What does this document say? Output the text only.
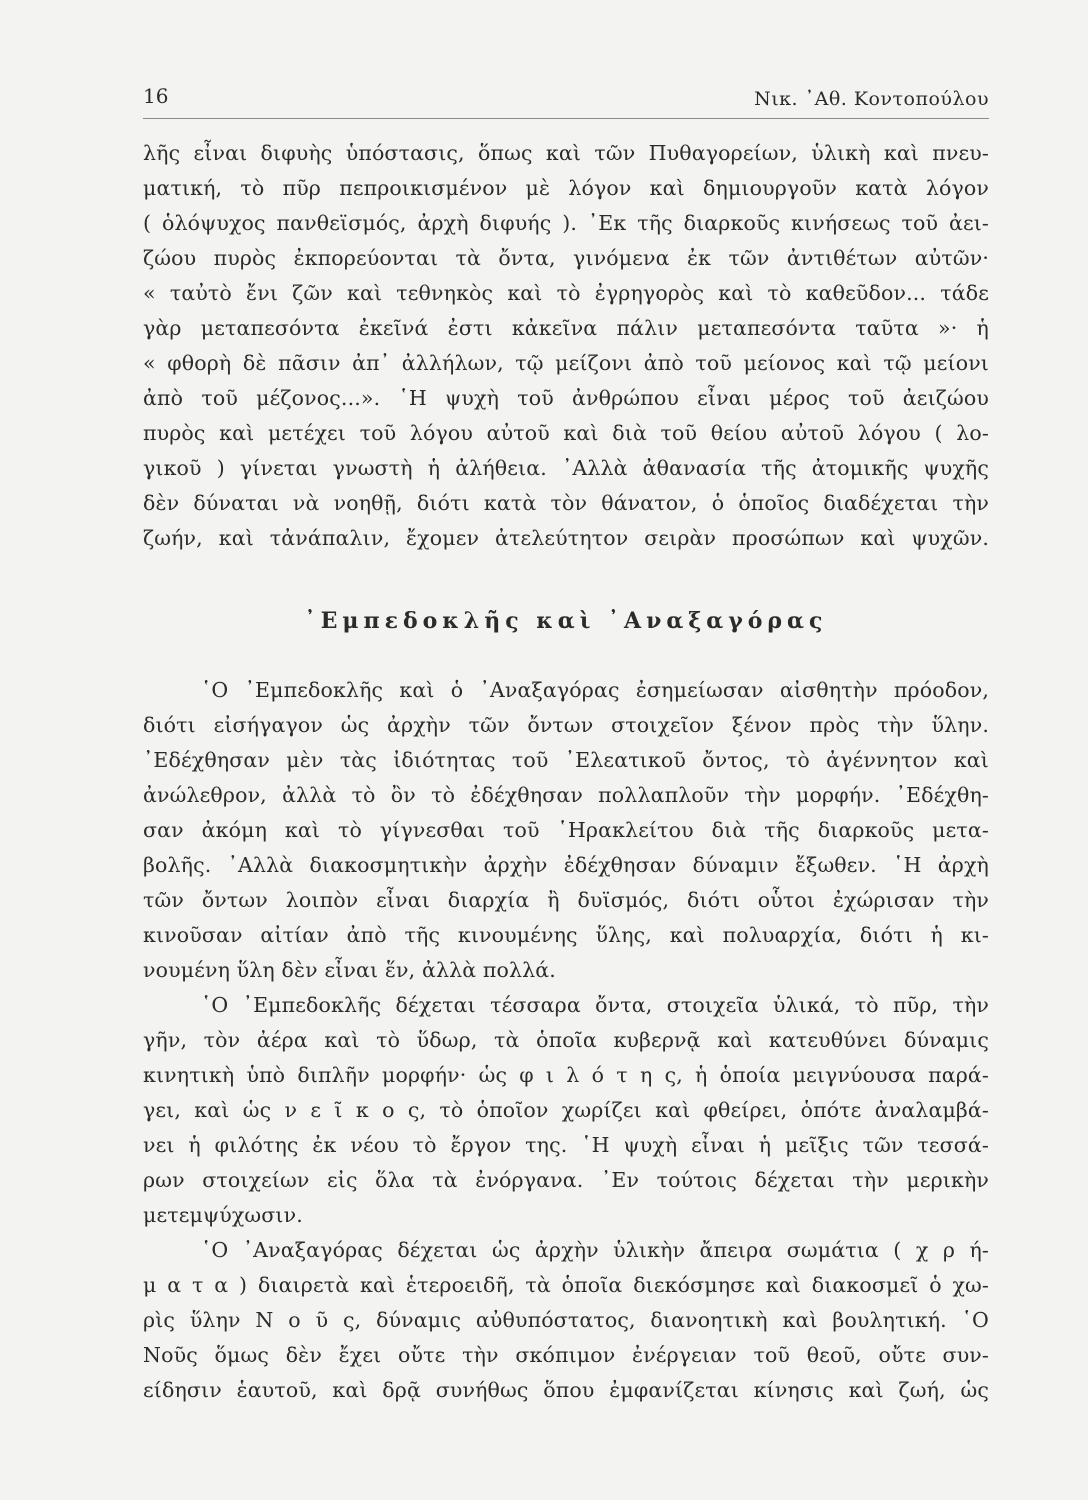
16	Νικ. ᾿Αθ. Κοντοπούλου
λῆς εἶναι διφυὴς ὑπόστασις, ὅπως καὶ τῶν Πυθαγορείων, ὑλικὴ καὶ πνευ-
ματική, τὸ πῦρ πεπροικισμένον μὲ λόγον καὶ δημιουργοῦν κατὰ λόγον
( ὁλόψυχος πανθεϊσμός, ἀρχὴ διφυής ). ᾿Εκ τῆς διαρκοῦς κινήσεως τοῦ ἀει-
ζώου πυρὸς ἐκπορεύονται τὰ ὄντα, γινόμενα ἐκ τῶν ἀντιθέτων αὐτῶν·
« ταὐτὸ ἔνι ζῶν καὶ τεθνηκὸς καὶ τὸ ἐγρηγορὸς καὶ τὸ καθεῦδον... τάδε
γὰρ μεταπεσόντα ἐκεῖνά ἐστι κἀκεῖνα πάλιν μεταπεσόντα ταῦτα »· ἡ
« φθορὴ δὲ πᾶσιν ἀπ᾿ ἀλλήλων, τῷ μείζονι ἀπὸ τοῦ μείονος καὶ τῷ μείονι
ἀπὸ τοῦ μέζονος...». ῾Η ψυχὴ τοῦ ἀνθρώπου εἶναι μέρος τοῦ ἀειζώου
πυρὸς καὶ μετέχει τοῦ λόγου αὐτοῦ καὶ διὰ τοῦ θείου αὐτοῦ λόγου ( λο-
γικοῦ ) γίνεται γνωστὴ ἡ ἀλήθεια. ᾿Αλλὰ ἀθανασία τῆς ἀτομικῆς ψυχῆς
δὲν δύναται νὰ νοηθῇ, διότι κατὰ τὸν θάνατον, ὁ ὁποῖος διαδέχεται τὴν
ζωήν, καὶ τἀνάπαλιν, ἔχομεν ἀτελεύτητον σειρὰν προσώπων καὶ ψυχῶν.
᾿Εμπεδοκλῆς καὶ ᾿Αναξαγόρας
῾Ο ᾿Εμπεδοκλῆς καὶ ὁ ᾿Αναξαγόρας ἐσημείωσαν αἰσθητὴν πρόοδον,
διότι εἰσήγαγον ὡς ἀρχὴν τῶν ὄντων στοιχεῖον ξένον πρὸς τὴν ὕλην.
᾿Εδέχθησαν μὲν τὰς ἰδιότητας τοῦ ᾿Ελεατικοῦ ὄντος, τὸ ἀγέννητον καὶ
ἀνώλεθρον, ἀλλὰ τὸ ὂν τὸ ἐδέχθησαν πολλαπλοῦν τὴν μορφήν. ᾿Εδέχθη-
σαν ἀκόμη καὶ τὸ γίγνεσθαι τοῦ ῾Ηρακλείτου διὰ τῆς διαρκοῦς μετα-
βολῆς. ᾿Αλλὰ διακοσμητικὴν ἀρχὴν ἐδέχθησαν δύναμιν ἔξωθεν. ῾Η ἀρχὴ
τῶν ὄντων λοιπὸν εἶναι διαρχία ἢ δυϊσμός, διότι οὗτοι ἐχώρισαν τὴν
κινοῦσαν αἰτίαν ἀπὸ τῆς κινουμένης ὕλης, καὶ πολυαρχία, διότι ἡ κι-
νουμένη ὕλη δὲν εἶναι ἕν, ἀλλὰ πολλά.
῾Ο ᾿Εμπεδοκλῆς δέχεται τέσσαρα ὄντα, στοιχεῖα ὑλικά, τὸ πῦρ, τὴν
γῆν, τὸν ἀέρα καὶ τὸ ὕδωρ, τὰ ὁποῖα κυβερνᾷ καὶ κατευθύνει δύναμις
κινητικὴ ὑπὸ διπλῆν μορφήν· ὡς φ ι λ ό τ η ς, ἡ ὁποία μειγνύουσα παρά-
γει, καὶ ὡς ν ε ῖ κ ο ς, τὸ ὁποῖον χωρίζει καὶ φθείρει, ὁπότε ἀναλαμβά-
νει ἡ φιλότης ἐκ νέου τὸ ἔργον της. ῾Η ψυχὴ εἶναι ἡ μεῖξις τῶν τεσσά-
ρων στοιχείων εἰς ὅλα τὰ ἐνόργανα. ᾿Εν τούτοις δέχεται τὴν μερικὴν
μετεμψύχωσιν.
῾Ο ᾿Αναξαγόρας δέχεται ὡς ἀρχὴν ὑλικὴν ἄπειρα σωμάτια ( χ ρ ή-
μ α τ α ) διαιρετὰ καὶ ἑτεροειδῆ, τὰ ὁποῖα διεκόσμησε καὶ διακοσμεῖ ὁ χω-
ρὶς ὕλην Ν ο ῦ ς, δύναμις αὐθυπόστατος, διανοητικὴ καὶ βουλητική. ῾Ο
Νοῦς ὅμως δὲν ἔχει οὔτε τὴν σκόπιμον ἐνέργειαν τοῦ θεοῦ, οὔτε συν-
είδησιν ἑαυτοῦ, καὶ δρᾷ συνήθως ὅπου ἐμφανίζεται κίνησις καὶ ζωή, ὡς
